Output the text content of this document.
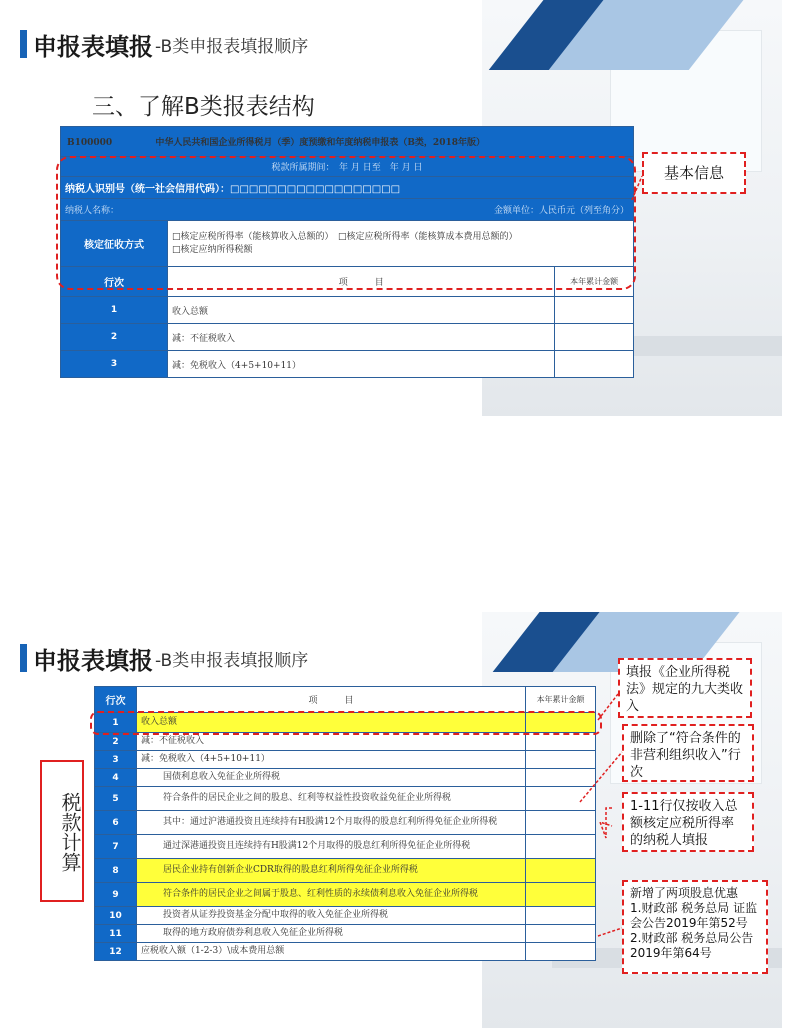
申报表填报 -B类申报表填报顺序
三、了解B类报表结构
B100000 中华人民共和国企业所得税月（季）度预缴和年度纳税申报表（B类，2018年版）		
税款所属期间：　年 月 日至　年 月 日		
纳税人识别号（统一社会信用代码）：□□□□□□□□□□□□□□□□□□		
纳税人名称： 金额单位：人民币元（列至角分）		

核定征收方式	□核定应税所得率（能核算收入总额的）　□核定应税所得率（能核算成本费用总额的）
□核定应纳所得税额	
行次	项　　　目	本年累计金额
1	收入总额	
2	减：不征税收入	
3	减：免税收入（4+5+10+11）	
基本信息
申报表填报 -B类申报表填报顺序
税款计算
行次	项　　　目	本年累计金额
1	收入总额	
2	减：不征税收入	
3	减：免税收入（4+5+10+11）	
4	国债利息收入免征企业所得税	
5	符合条件的居民企业之间的股息、红利等权益性投资收益免征企业所得税	
6	其中：通过沪港通投资且连续持有H股满12个月取得的股息红利所得免征企业所得税	
7	通过深港通投资且连续持有H股满12个月取得的股息红利所得免征企业所得税	
8	居民企业持有创新企业CDR取得的股息红利所得免征企业所得税	
9	符合条件的居民企业之间属于股息、红利性质的永续债利息收入免征企业所得税	
10	投资者从证券投资基金分配中取得的收入免征企业所得税	
11	取得的地方政府债券利息收入免征企业所得税	
12	应税收入额（1-2-3）\成本费用总额	
填报《企业所得税法》规定的九大类收入
删除了“符合条件的非营利组织收入”行次
1-11行仅按收入总额核定应税所得率的纳税人填报
新增了两项股息优惠
1.财政部 税务总局 证监会公告2019年第52号
2.财政部 税务总局公告2019年第64号
